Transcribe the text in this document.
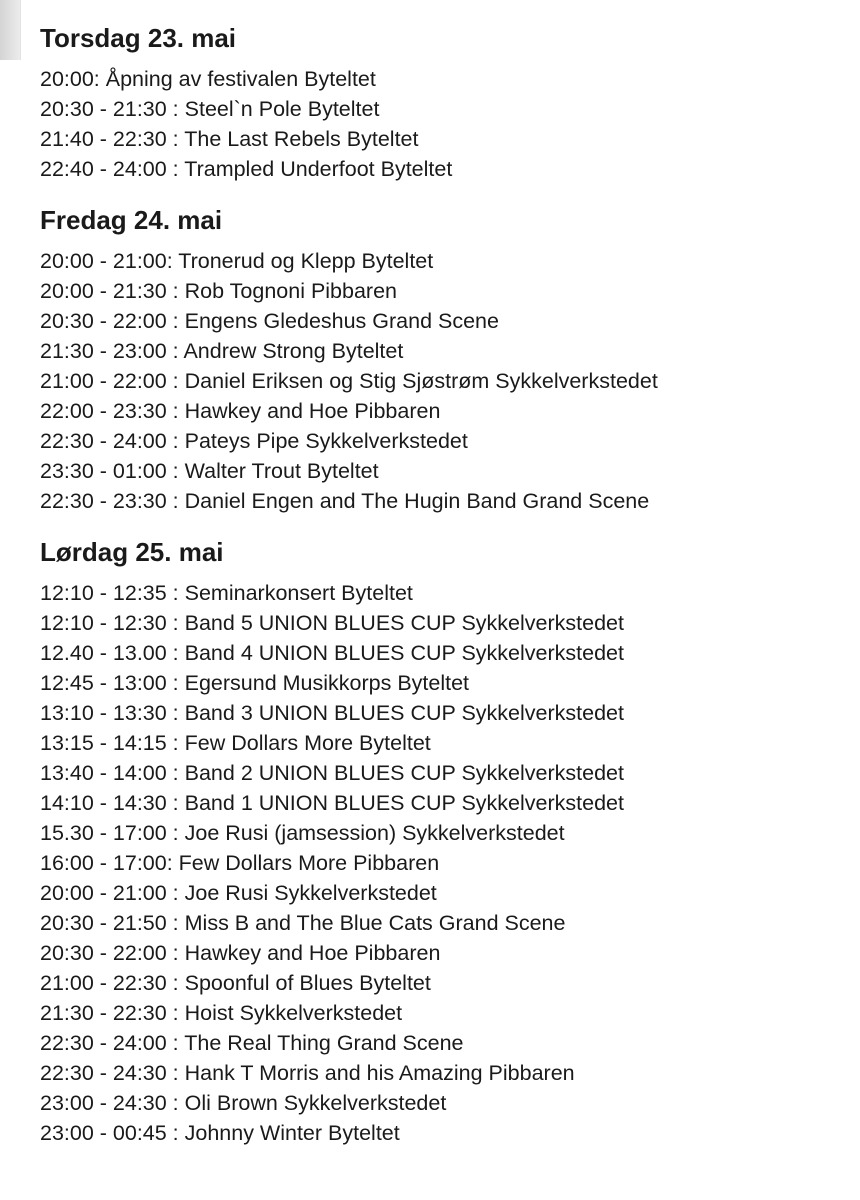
Torsdag 23. mai
20:00: Åpning av festivalen Byteltet
20:30 - 21:30 : Steel`n Pole Byteltet
21:40 - 22:30 : The Last Rebels Byteltet
22:40 - 24:00 : Trampled Underfoot Byteltet
Fredag 24. mai
20:00 - 21:00: Tronerud og Klepp Byteltet
20:00 - 21:30 : Rob Tognoni Pibbaren
20:30 - 22:00 : Engens Gledeshus Grand Scene
21:30 - 23:00 : Andrew Strong Byteltet
21:00 - 22:00 : Daniel Eriksen og Stig Sjøstrøm Sykkelverkstedet
22:00 - 23:30 : Hawkey and Hoe Pibbaren
22:30 - 24:00 : Pateys Pipe Sykkelverkstedet
23:30 - 01:00 : Walter Trout Byteltet
22:30 - 23:30 : Daniel Engen and The Hugin Band Grand Scene
Lørdag 25. mai
12:10 - 12:35 : Seminarkonsert Byteltet
12:10 - 12:30 : Band 5 UNION BLUES CUP Sykkelverkstedet
12.40 - 13.00 : Band 4 UNION BLUES CUP Sykkelverkstedet
12:45 - 13:00 : Egersund Musikkorps Byteltet
13:10 - 13:30 : Band 3 UNION BLUES CUP Sykkelverkstedet
13:15 - 14:15 : Few Dollars More Byteltet
13:40 - 14:00 : Band 2 UNION BLUES CUP Sykkelverkstedet
14:10 - 14:30 : Band 1 UNION BLUES CUP Sykkelverkstedet
15.30 - 17:00 : Joe Rusi (jamsession) Sykkelverkstedet
16:00 - 17:00: Few Dollars More Pibbaren
20:00 - 21:00 : Joe Rusi Sykkelverkstedet
20:30 - 21:50 : Miss B and The Blue Cats Grand Scene
20:30 - 22:00 : Hawkey and Hoe Pibbaren
21:00 - 22:30 : Spoonful of Blues Byteltet
21:30 - 22:30 : Hoist Sykkelverkstedet
22:30 - 24:00 : The Real Thing Grand Scene
22:30 - 24:30 : Hank T Morris and his Amazing Pibbaren
23:00 - 24:30 : Oli Brown Sykkelverkstedet
23:00 - 00:45 : Johnny Winter Byteltet
